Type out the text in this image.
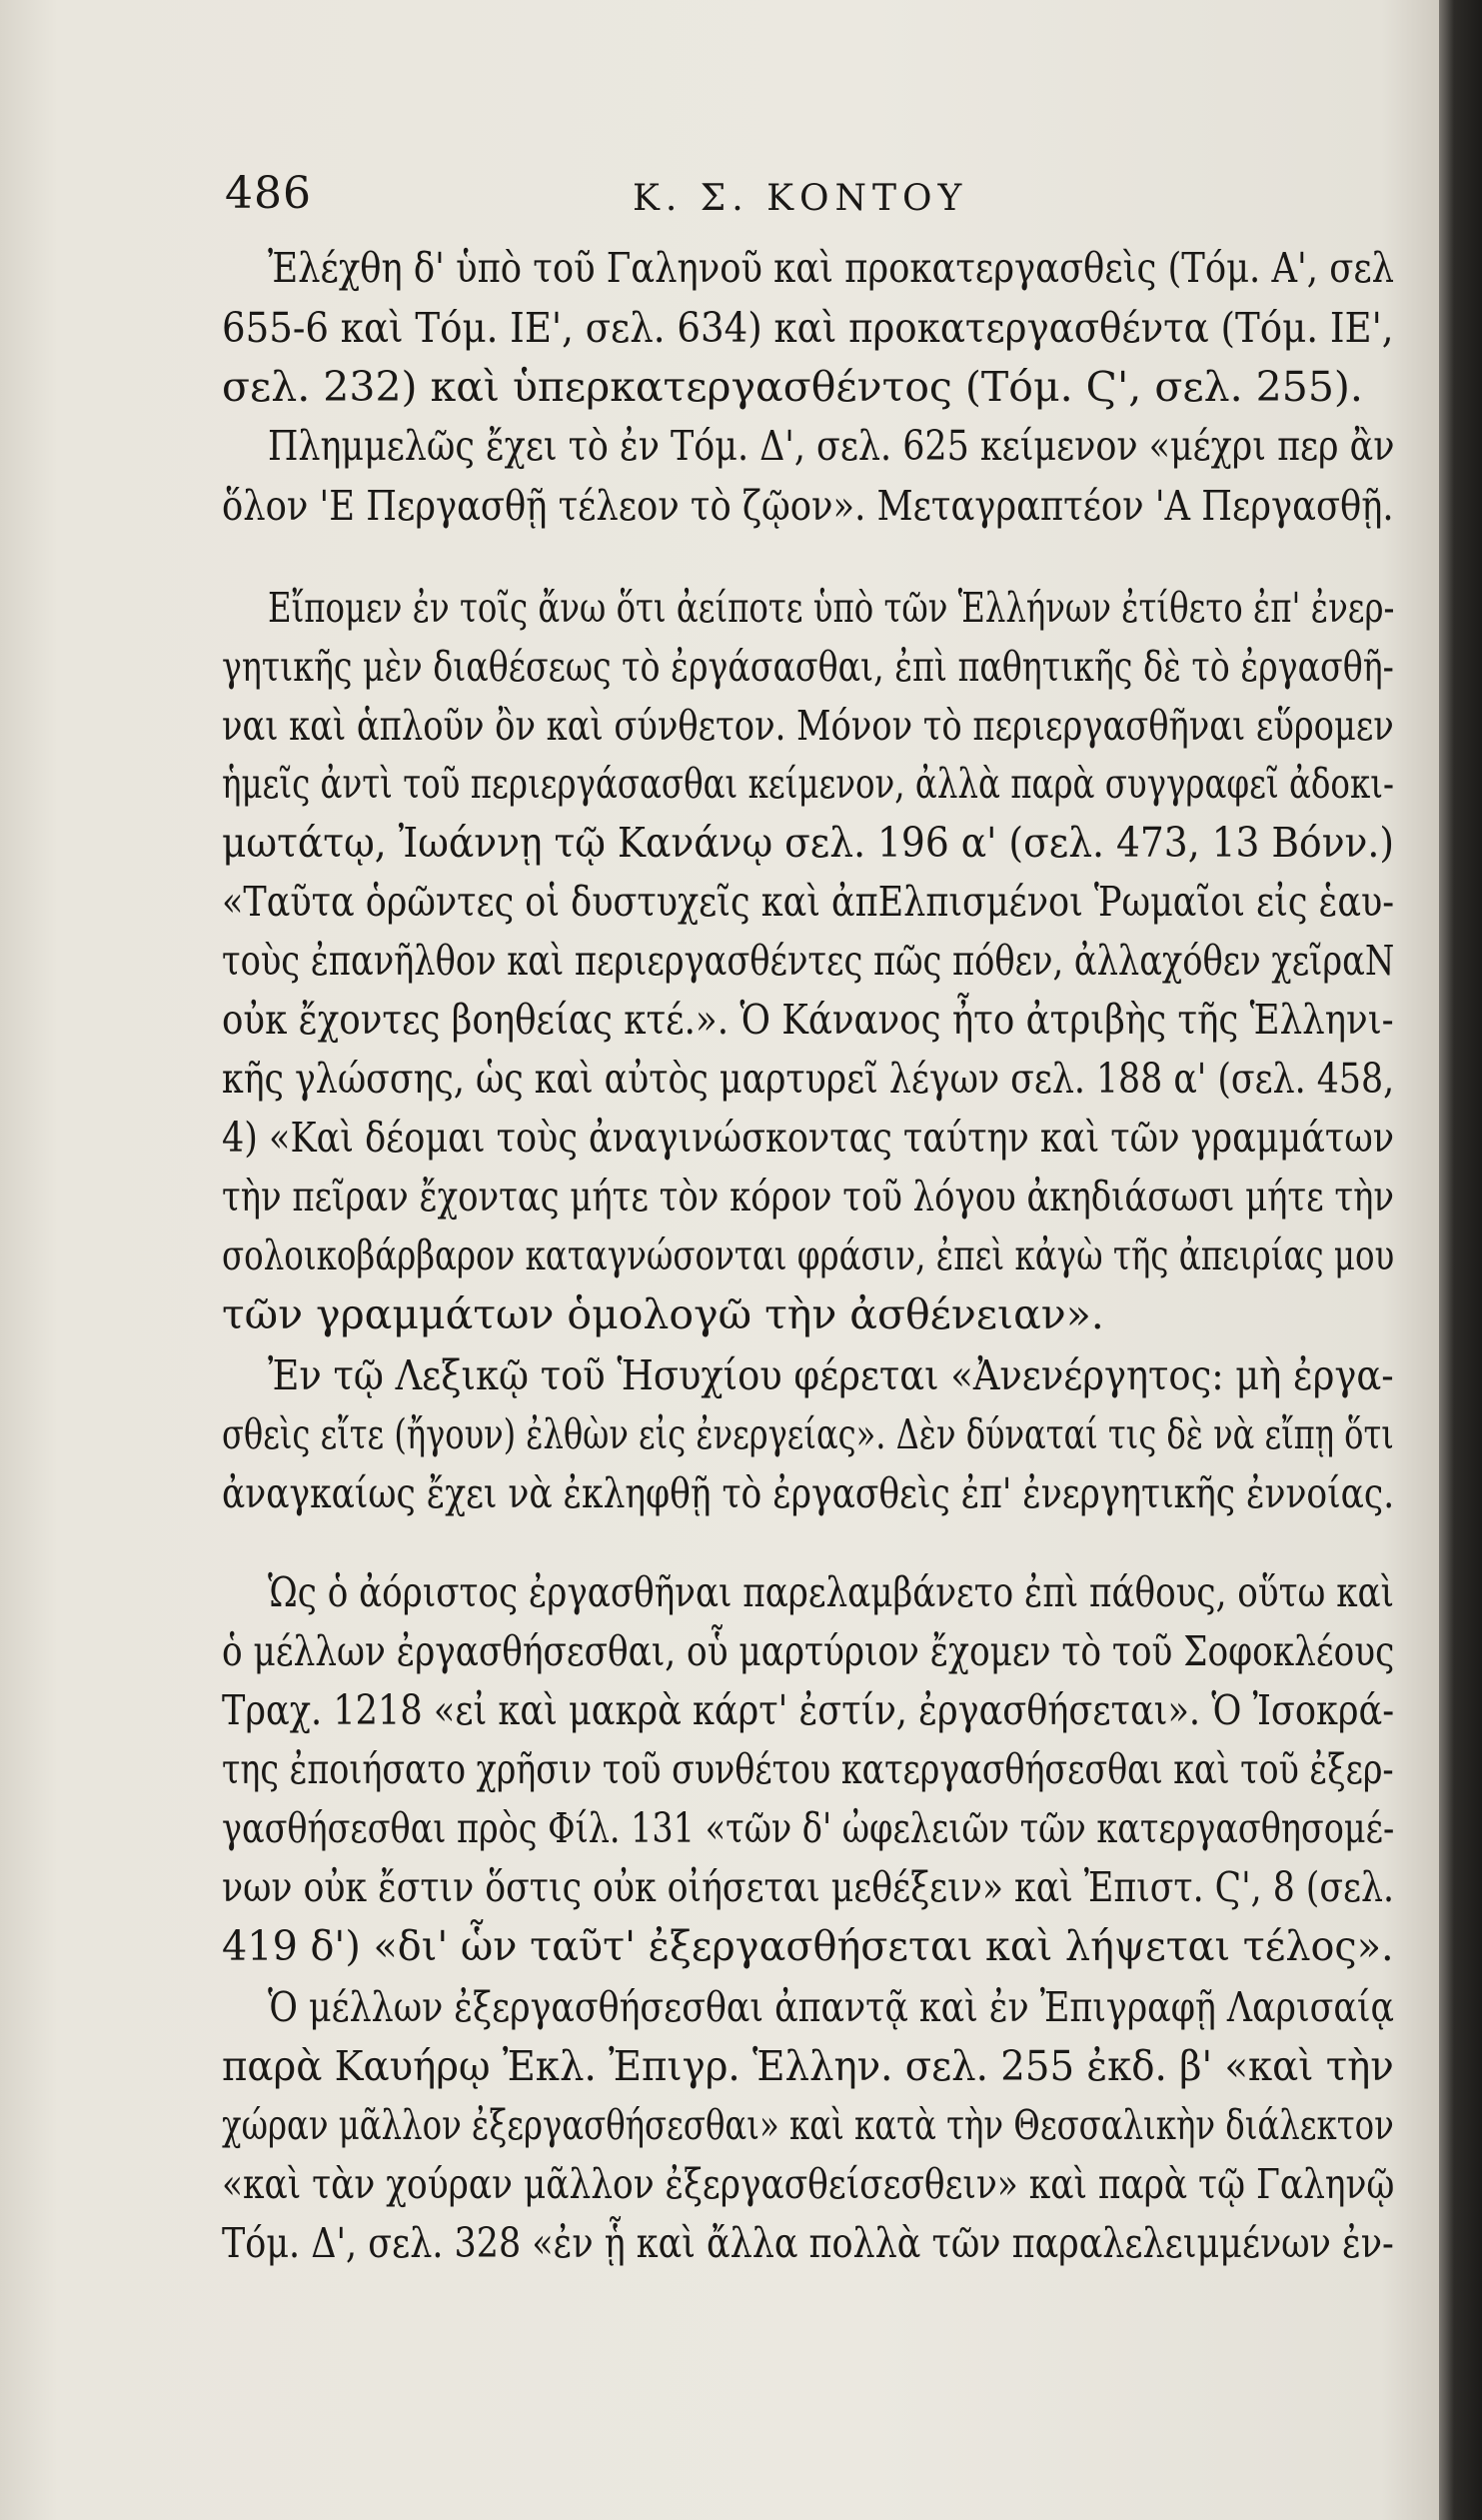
486	Κ. Σ. ΚΟΝΤΟΥ
Ἐλέχθη δ' ὑπὸ τοῦ Γαληνοῦ καὶ προκατεργασθεὶς (Τόμ. Α', σελ
655-6 καὶ Τόμ. ΙΕ', σελ. 634) καὶ προκατεργασθέντα (Τόμ. ΙΕ',
σελ. 232) καὶ ὑπερκατεργασθέντος (Τόμ. Ϛ', σελ. 255).
Πλημμελῶς ἔχει τὸ ἐν Τόμ. Δ', σελ. 625 κείμενον «μέχρι περ ἂν
ὅλον 'Ε Περγασθῇ τέλεον τὸ ζῷον». Μεταγραπτέον 'Α Περγασθῇ.
Εἴπομεν ἐν τοῖς ἄνω ὅτι ἀείποτε ὑπὸ τῶν Ἑλλήνων ἐτίθετο ἐπ' ἐνερ-
γητικῆς μὲν διαθέσεως τὸ ἐργάσασθαι, ἐπὶ παθητικῆς δὲ τὸ ἐργασθῆ-
ναι καὶ ἁπλοῦν ὂν καὶ σύνθετον. Μόνον τὸ περιεργασθῆναι εὕρομεν
ἡμεῖς ἀντὶ τοῦ περιεργάσασθαι κείμενον, ἀλλὰ παρὰ συγγραφεῖ ἀδοκι-
μωτάτῳ, Ἰωάννῃ τῷ Κανάνῳ σελ. 196 α' (σελ. 473, 13 Βόνν.)
«Ταῦτα ὁρῶντες οἱ δυστυχεῖς καὶ ἀπΕλπισμένοι Ῥωμαῖοι εἰς ἑαυ-
τοὺς ἐπανῆλθον καὶ περιεργασθέντες πῶς πόθεν, ἀλλαχόθεν χεῖραΝ
οὐκ ἔχοντες βοηθείας κτέ.». Ὁ Κάνανος ἦτο ἀτριβὴς τῆς Ἑλληνι-
κῆς γλώσσης, ὡς καὶ αὐτὸς μαρτυρεῖ λέγων σελ. 188 α' (σελ. 458,
4) «Καὶ δέομαι τοὺς ἀναγινώσκοντας ταύτην καὶ τῶν γραμμάτων
τὴν πεῖραν ἔχοντας μήτε τὸν κόρον τοῦ λόγου ἀκηδιάσωσι μήτε τὴν
σολοικοβάρβαρον καταγνώσονται φράσιν, ἐπεὶ κἀγὼ τῆς ἀπειρίας μου
τῶν γραμμάτων ὁμολογῶ τὴν ἀσθένειαν».
Ἐν τῷ Λεξικῷ τοῦ Ἡσυχίου φέρεται «Ἀνενέργητος: μὴ ἐργα-
σθεὶς εἴτε (ἤγουν) ἐλθὼν εἰς ἐνεργείας». Δὲν δύναταί τις δὲ νὰ εἴπῃ ὅτι
ἀναγκαίως ἔχει νὰ ἐκληφθῇ τὸ ἐργασθεὶς ἐπ' ἐνεργητικῆς ἐννοίας.
Ὡς ὁ ἀόριστος ἐργασθῆναι παρελαμβάνετο ἐπὶ πάθους, οὕτω καὶ
ὁ μέλλων ἐργασθήσεσθαι, οὗ μαρτύριον ἔχομεν τὸ τοῦ Σοφοκλέους
Τραχ. 1218 «εἰ καὶ μακρὰ κάρτ' ἐστίν, ἐργασθήσεται». Ὁ Ἰσοκρά-
της ἐποιήσατο χρῆσιν τοῦ συνθέτου κατεργασθήσεσθαι καὶ τοῦ ἐξερ-
γασθήσεσθαι πρὸς Φίλ. 131 «τῶν δ' ὠφελειῶν τῶν κατεργασθησομέ-
νων οὐκ ἔστιν ὅστις οὐκ οἰήσεται μεθέξειν» καὶ Ἐπιστ. Ϛ', 8 (σελ.
419 δ') «δι' ὧν ταῦτ' ἐξεργασθήσεται καὶ λήψεται τέλος».
Ὁ μέλλων ἐξεργασθήσεσθαι ἀπαντᾷ καὶ ἐν Ἐπιγραφῇ Λαρισαίᾳ
παρὰ Καυήρῳ Ἐκλ. Ἐπιγρ. Ἑλλην. σελ. 255 ἐκδ. β' «καὶ τὴν
χώραν μᾶλλον ἐξεργασθήσεσθαι» καὶ κατὰ τὴν Θεσσαλικὴν διάλεκτον
«καὶ τὰν χούραν μᾶλλον ἐξεργασθείσεσθειν» καὶ παρὰ τῷ Γαληνῷ
Τόμ. Δ', σελ. 328 «ἐν ᾗ καὶ ἄλλα πολλὰ τῶν παραλελειμμένων ἐν-
